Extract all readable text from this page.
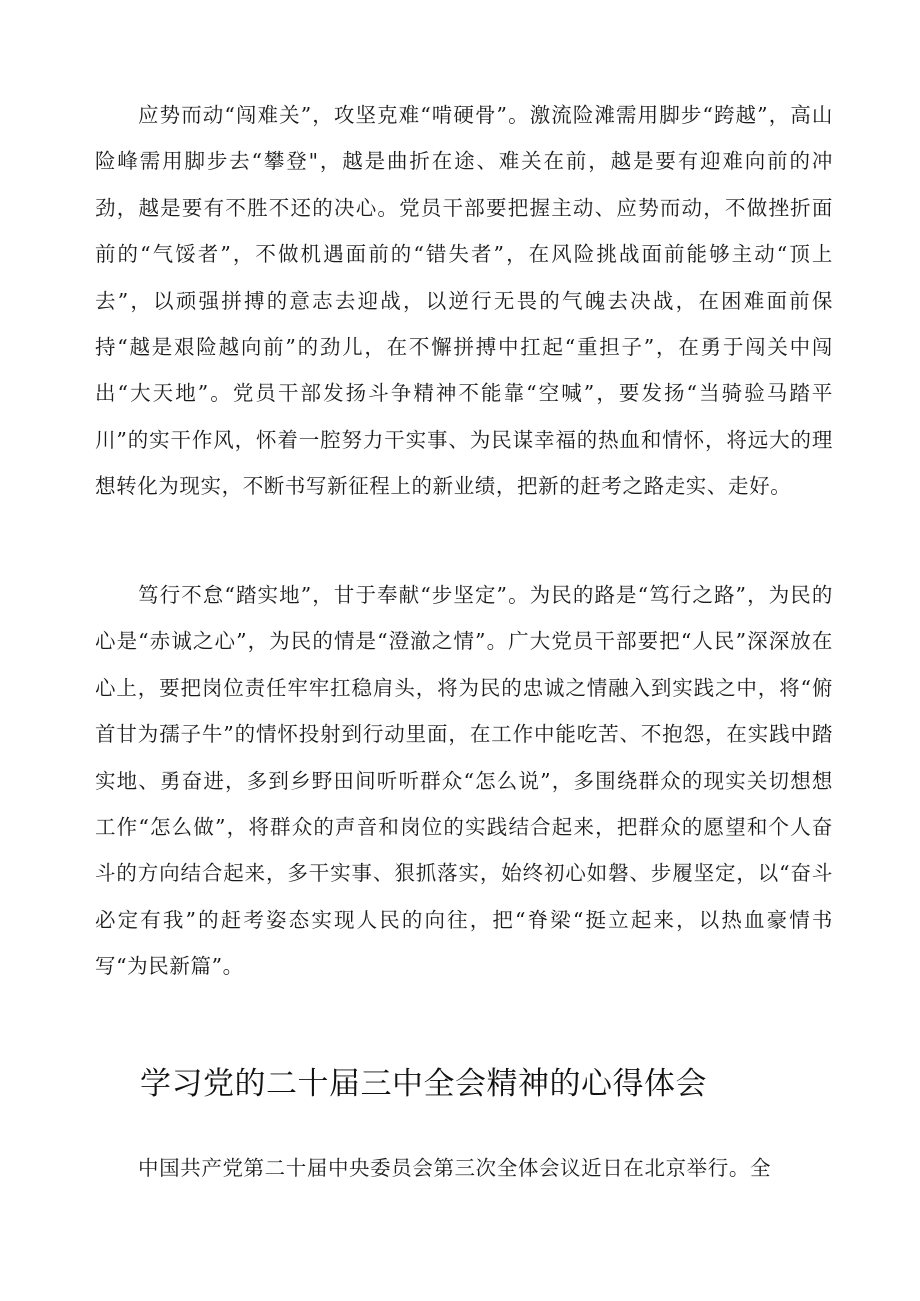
应势而动“闯难关”，攻坚克难“啃硬骨”。激流险滩需用脚步“跨越”，高山险峰需用脚步去“攀登"，越是曲折在途、难关在前，越是要有迎难向前的冲劲，越是要有不胜不还的决心。党员干部要把握主动、应势而动，不做挫折面前的“气馁者”，不做机遇面前的“错失者”，在风险挑战面前能够主动“顶上去”，以顽强拼搏的意志去迎战，以逆行无畏的气魄去决战，在困难面前保持“越是艰险越向前”的劲儿，在不懈拼搏中扛起“重担子”，在勇于闯关中闯出“大天地”。党员干部发扬斗争精神不能靠“空喊”，要发扬“当骑验马踏平川”的实干作风，怀着一腔努力干实事、为民谋幸福的热血和情怀，将远大的理想转化为现实，不断书写新征程上的新业绩，把新的赶考之路走实、走好。

笃行不怠“踏实地”，甘于奉献“步坚定”。为民的路是“笃行之路”，为民的心是“赤诚之心”，为民的情是“澄澈之情”。广大党员干部要把“人民”深深放在心上，要把岗位责任牢牢扛稳肩头，将为民的忠诚之情融入到实践之中，将“俯首甘为孺子牛”的情怀投射到行动里面，在工作中能吃苦、不抱怨，在实践中踏实地、勇奋进，多到乡野田间听听群众“怎么说”，多围绕群众的现实关切想想工作“怎么做”，将群众的声音和岗位的实践结合起来，把群众的愿望和个人奋斗的方向结合起来，多干实事、狠抓落实，始终初心如磐、步履坚定，以“奋斗必定有我”的赶考姿态实现人民的向往，把“脊梁“挺立起来，以热血豪情书写“为民新篇”。

学习党的二十届三中全会精神的心得体会

中国共产党第二十届中央委员会第三次全体会议近日在北京举行。全
